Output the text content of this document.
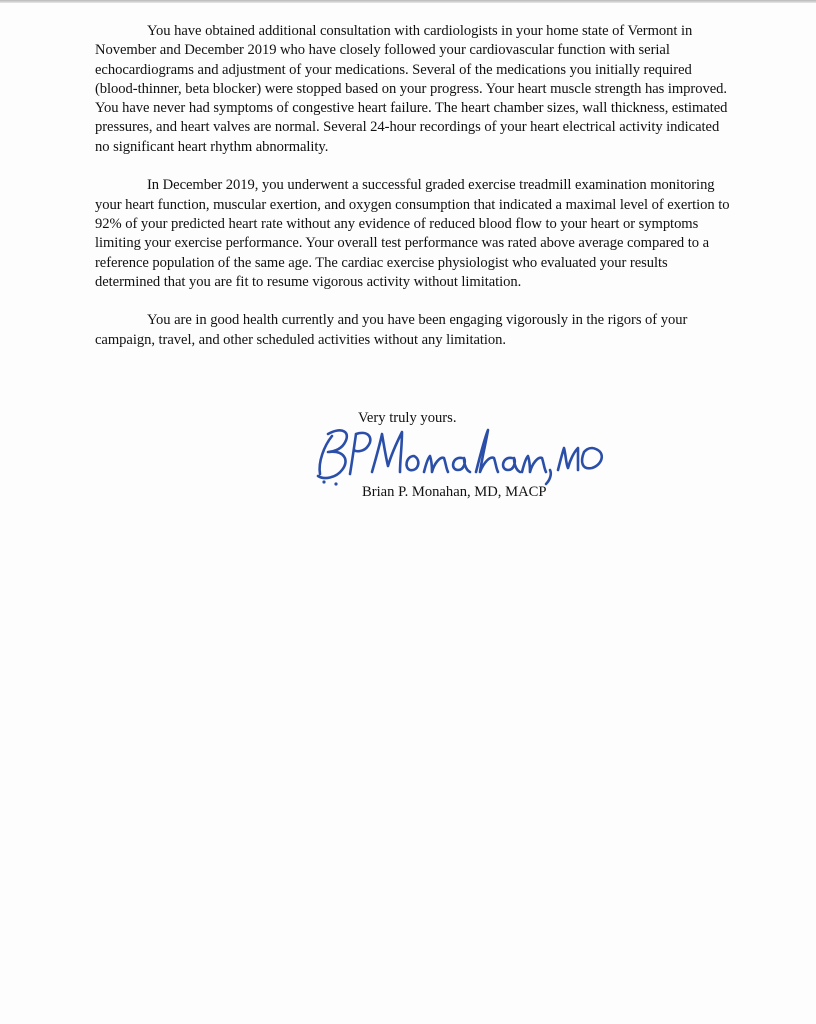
You have obtained additional consultation with cardiologists in your home state of Vermont in November and December 2019 who have closely followed your cardiovascular function with serial echocardiograms and adjustment of your medications. Several of the medications you initially required (blood-thinner, beta blocker) were stopped based on your progress. Your heart muscle strength has improved. You have never had symptoms of congestive heart failure. The heart chamber sizes, wall thickness, estimated pressures, and heart valves are normal. Several 24-hour recordings of your heart electrical activity indicated no significant heart rhythm abnormality.

In December 2019, you underwent a successful graded exercise treadmill examination monitoring your heart function, muscular exertion, and oxygen consumption that indicated a maximal level of exertion to 92% of your predicted heart rate without any evidence of reduced blood flow to your heart or symptoms limiting your exercise performance. Your overall test performance was rated above average compared to a reference population of the same age. The cardiac exercise physiologist who evaluated your results determined that you are fit to resume vigorous activity without limitation.

You are in good health currently and you have been engaging vigorously in the rigors of your campaign, travel, and other scheduled activities without any limitation.

Very truly yours.
Brian P. Monahan, MD, MACP
